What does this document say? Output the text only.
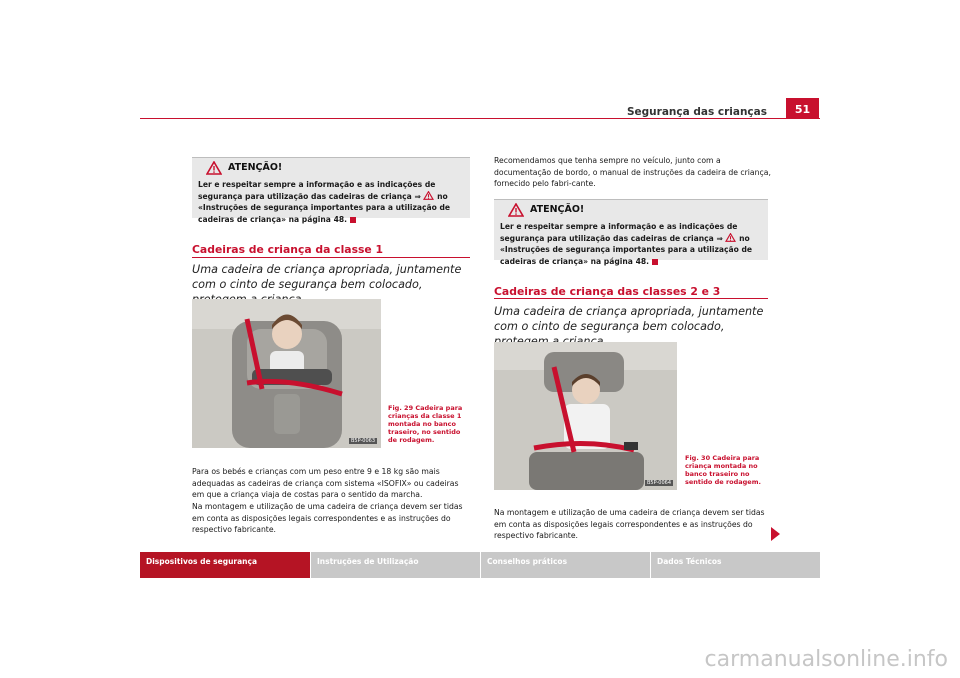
Segurança das crianças	51
ATENÇÃO!
Ler e respeitar sempre a informação e as indicações de segurança para utilização das cadeiras de criança ⇒  no «Instruções de segurança importantes para a utilização de cadeiras de criança» na página 48.
Cadeiras de criança da classe 1
Uma cadeira de criança apropriada, juntamente com o cinto de segurança bem colocado,
B5P-0063
Fig. 29 Cadeira para crianças da classe 1 montada no banco traseiro, no sentido de rodagem.
Para os bebés e crianças com um peso entre 9 e 18 kg são mais adequadas as cadeiras de criança com sistema «ISOFIX» ou cadeiras em que a criança viaja de costas para o sentido da marcha.
Na montagem e utilização de uma cadeira de criança devem ser tidas em conta as disposições legais correspondentes e as instruções do respectivo fabricante.
Recomendamos que tenha sempre no veículo, junto com a documentação de bordo, o manual de instruções da cadeira de criança, fornecido pelo fabri-cante.
ATENÇÃO!
Ler e respeitar sempre a informação e as indicações de segurança para utilização das cadeiras de criança ⇒  no «Instruções de segurança importantes para a utilização de cadeiras de criança» na página 48.
Cadeiras de criança das classes 2 e 3
Uma cadeira de criança apropriada, juntamente com o cinto de segurança bem colocado,
B5P-0064
Fig. 30 Cadeira para criança montada no banco traseiro no sentido de rodagem.
Na montagem e utilização de uma cadeira de criança devem ser tidas em conta as disposições legais correspondentes e as instruções do respectivo fabricante.
Dispositivos de segurança	Instruções de Utilização	Conselhos práticos	Dados Técnicos
carmanualsonline.info
